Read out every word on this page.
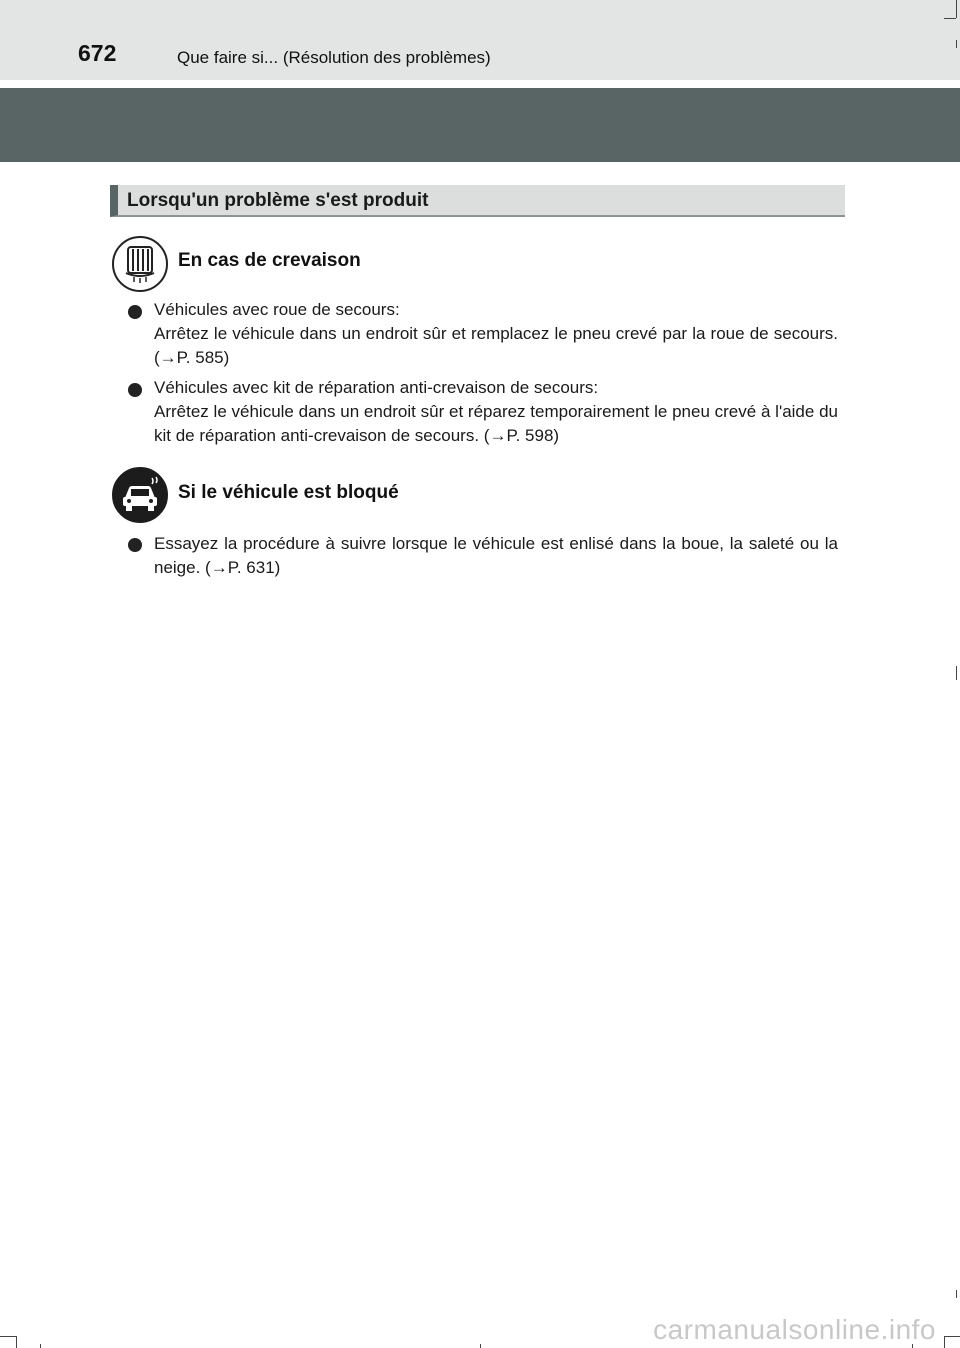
672	Que faire si... (Résolution des problèmes)
Lorsqu'un problème s'est produit
En cas de crevaison
Véhicules avec roue de secours:
Arrêtez le véhicule dans un endroit sûr et remplacez le pneu crevé par la roue de secours. (→P. 585)
Véhicules avec kit de réparation anti-crevaison de secours:
Arrêtez le véhicule dans un endroit sûr et réparez temporairement le pneu crevé à l'aide du kit de réparation anti-crevaison de secours. (→P. 598)
Si le véhicule est bloqué
Essayez la procédure à suivre lorsque le véhicule est enlisé dans la boue, la saleté ou la neige. (→P. 631)
carmanualsonline.info
